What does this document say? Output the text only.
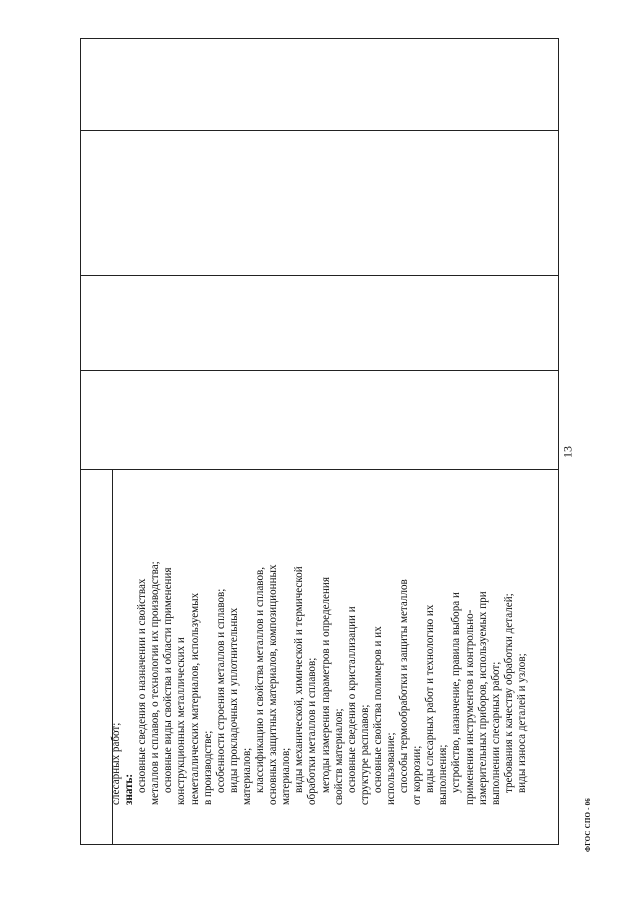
13
слесарных работ; знать: основные сведения о назначении и свойствах металлов и сплавов, о технологии их производства; основные виды свойства и области применения конструкционных металлических и неметаллических материалов, используемых в производстве; особенности строения металлов и сплавов; виды прокладочных и уплотнительных материалов; классификацию и свойства металлов и сплавов, основных защитных материалов, композиционных материалов; виды механической, химической и термической обработки металлов и сплавов; методы измерения параметров и определения свойств материалов; основные сведения о кристаллизации и структуре расплавов; основные свойства полимеров и их использование; способы термообработки и защиты металлов от коррозии; виды слесарных работ и технологию их выполнения; устройство, назначение, правила выбора и применения инструментов и контрольно- измерительных приборов, используемых при выполнении слесарных работ; требования к качеству обработки деталей; виды износа деталей и узлов;
ФГОС СПО - 06
